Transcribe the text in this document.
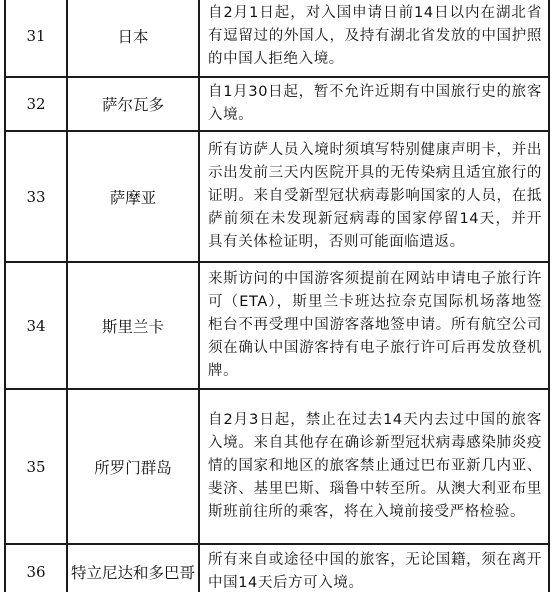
31	日本	自2月1日起，对入国申请日前14日以内在湖北省有逗留过的外国人，及持有湖北省发放的中国护照的中国人拒绝入境。
32	萨尔瓦多	自1月30日起，暂不允许近期有中国旅行史的旅客入境。
33	萨摩亚	所有访萨人员入境时须填写特别健康声明卡，并出示出发前三天内医院开具的无传染病且适宜旅行的证明。来自受新型冠状病毒影响国家的人员，在抵萨前须在未发现新冠病毒的国家停留14天，并开具有关体检证明，否则可能面临遣返。
34	斯里兰卡	来斯访问的中国游客须提前在网站申请电子旅行许可（ETA），斯里兰卡班达拉奈克国际机场落地签柜台不再受理中国游客落地签申请。所有航空公司须在确认中国游客持有电子旅行许可后再发放登机牌。
35	所罗门群岛	自2月3日起，禁止在过去14天内去过中国的旅客入境。来自其他存在确诊新型冠状病毒感染肺炎疫情的国家和地区的旅客禁止通过巴布亚新几内亚、斐济、基里巴斯、瑙鲁中转至所。从澳大利亚布里斯班前往所的乘客，将在入境前接受严格检验。
36	特立尼达和多巴哥	所有来自或途径中国的旅客，无论国籍，须在离开中国14天后方可入境。
